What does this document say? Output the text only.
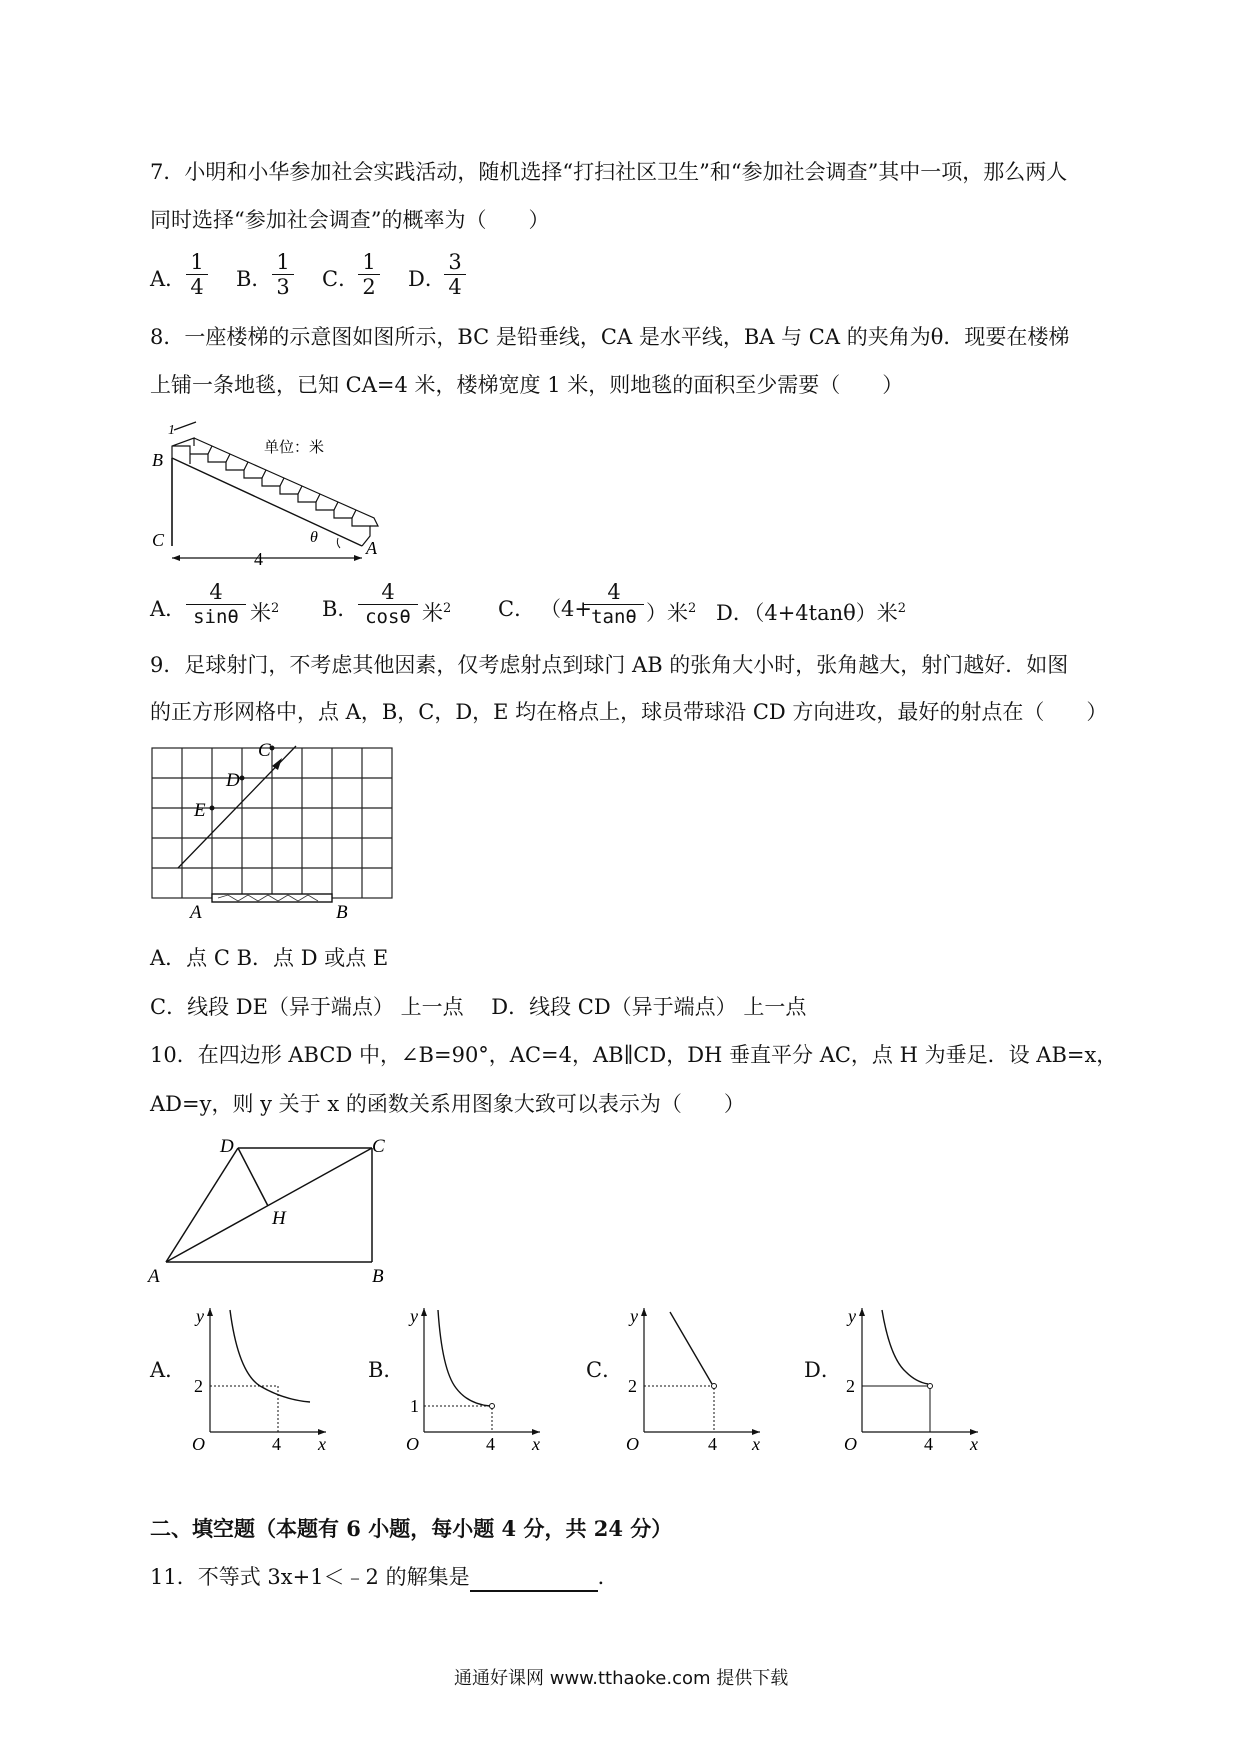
7．小明和小华参加社会实践活动，随机选择“打扫社区卫生”和“参加社会调查”其中一项，那么两人
同时选择“参加社会调查”的概率为（　　）
A． $\frac{1}{4}$ B． $\frac{1}{3}$ C．
$\frac{1}{2}$ D．
$\frac{3}{4}$
8．一座楼梯的示意图如图所示，BC 是铅垂线，CA 是水平线，BA 与 CA 的夹角为θ．现要在楼梯
上铺一条地毯，已知 CA=4 米，楼梯宽度 1 米，则地毯的面积至少需要（　　）
1
单位：米
B
C	A
θ
4
A． $\frac{4}{\sin\theta}$ 米$^2$ B． $\frac{4}{\cos\theta}$ 米$^2$ C． （4+
$\frac{4}{\tan\theta}$ ）米$^2$ D．（4+4tanθ）米$^2$
9．足球射门，不考虑其他因素，仅考虑射点到球门 AB 的张角大小时，张角越大，射门越好．如图
的正方形网格中，点 A，B，C，D，E 均在格点上，球员带球沿 CD 方向进攻，最好的射点在（　　）
C
D
E
A	B
A．点 C B．点 D 或点 E
C．线段 DE（异于端点） 上一点　 D．线段 CD（异于端点） 上一点
10．在四边形 ABCD 中，∠B=90°，AC=4，AB∥CD，DH 垂直平分 AC，点 H 为垂足．设 AB=x，
AD=y，则 y 关于 x 的函数关系用图象大致可以表示为（　　）
A	B
C
D
H
A．
y
x
O
2
4
B．
y
x
O
1
4
C．
y
x
O
2
4
D．
y
x
O
2
4
二、填空题（本题有 6 小题，每小题 4 分，共 24 分）
11．不等式 3x+1＜﹣2 的解集是	．
通通好课网 www.tthaoke.com 提供下载
